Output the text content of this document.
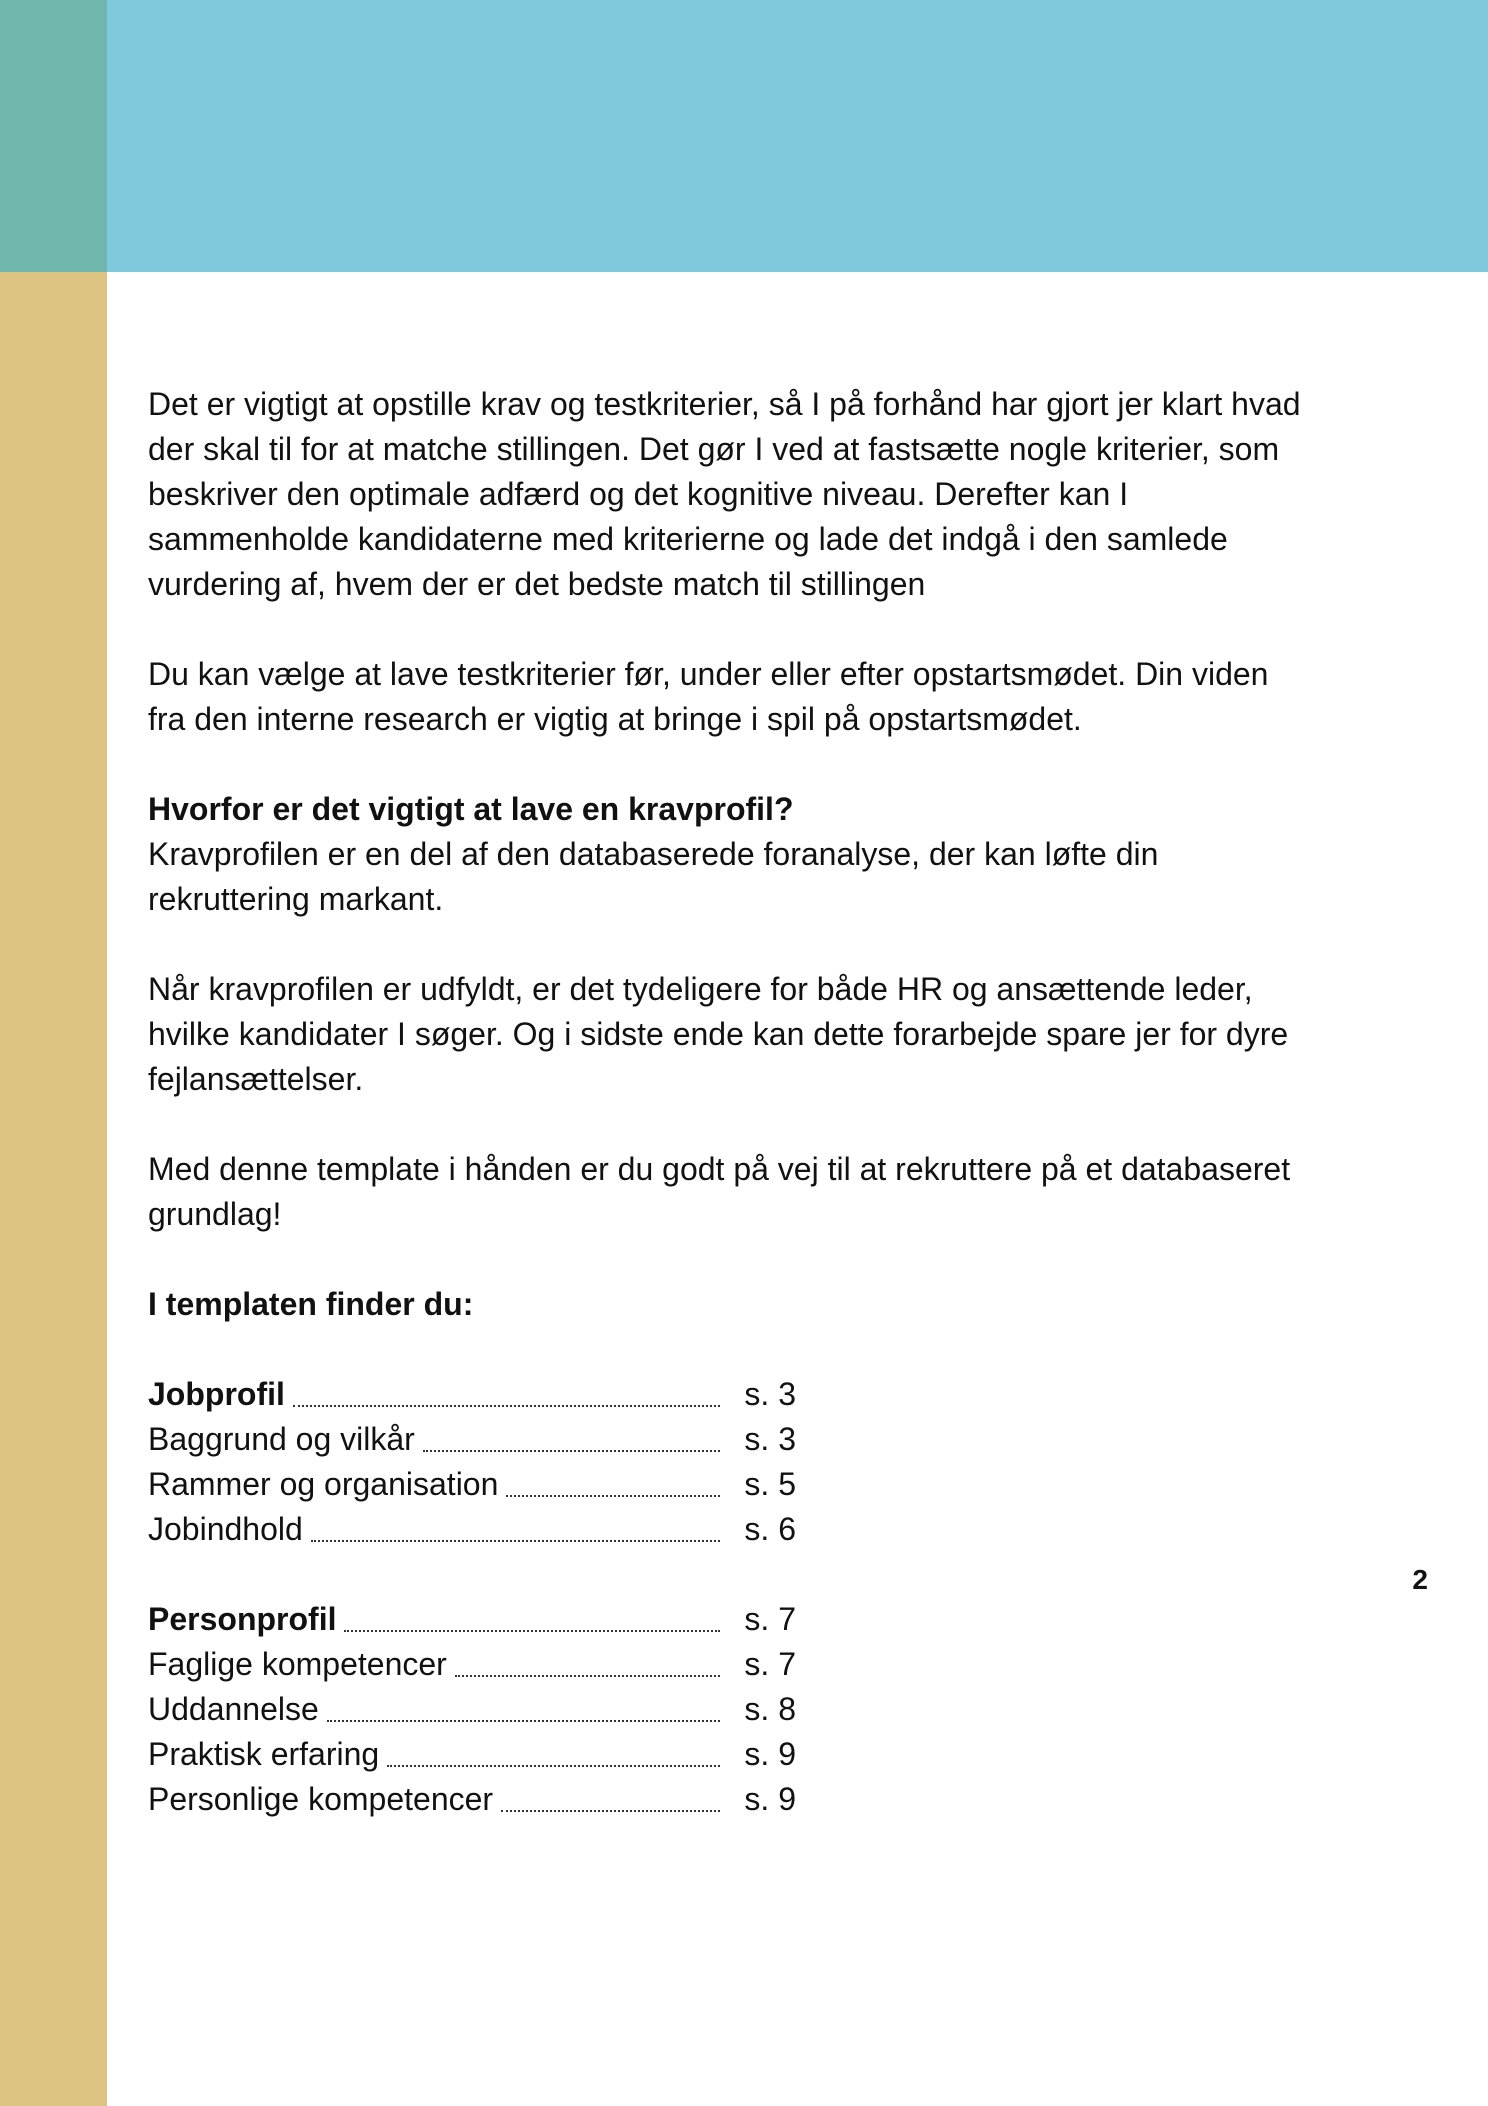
Det er vigtigt at opstille krav og testkriterier, så I på forhånd har gjort jer klart hvad
der skal til for at matche stillingen. Det gør I ved at fastsætte nogle kriterier, som
beskriver den optimale adfærd og det kognitive niveau. Derefter kan I
sammenholde kandidaterne med kriterierne og lade det indgå i den samlede
vurdering af, hvem der er det bedste match til stillingen

Du kan vælge at lave testkriterier før, under eller efter opstartsmødet. Din viden
fra den interne research er vigtig at bringe i spil på opstartsmødet.

Hvorfor er det vigtigt at lave en kravprofil?
Kravprofilen er en del af den databaserede foranalyse, der kan løfte din
rekruttering markant.

Når kravprofilen er udfyldt, er det tydeligere for både HR og ansættende leder,
hvilke kandidater I søger. Og i sidste ende kan dette forarbejde spare jer for dyre
fejlansættelser.

Med denne template i hånden er du godt på vej til at rekruttere på et databaseret
grundlag!

I templaten finder du:
Jobprofil	s. 3
Baggrund og vilkår	s. 3
Rammer og organisation	s. 5
Jobindhold	s. 6
Personprofil	s. 7
Faglige kompetencer	s. 7
Uddannelse	s. 8
Praktisk erfaring	s. 9
Personlige kompetencer	s. 9
2
